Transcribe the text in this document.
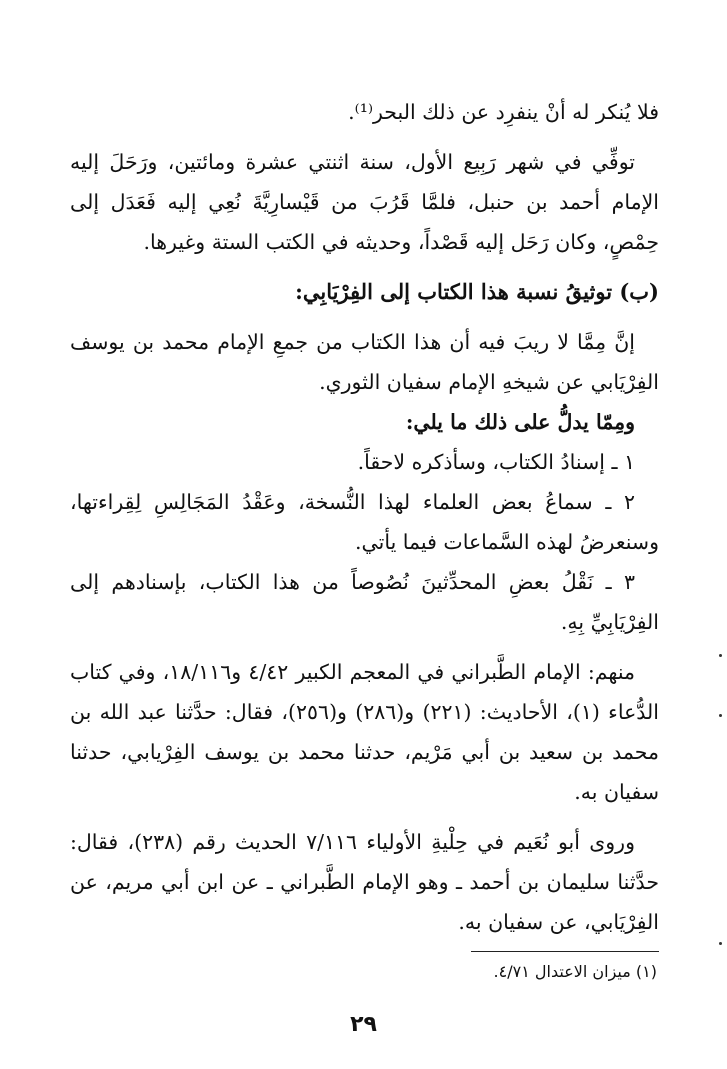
فلا يُنكر له أنْ ينفرِد عن ذلك البحر⁽¹⁾.

توفِّي في شهر رَبِيع الأول، سنة اثنتي عشرة ومائتين، ورَحَلَ إليه الإمام أحمد بن حنبل، فلمَّا قَرُبَ من قَيْسارِيَّةَ نُعِي إليه فَعَدَل إلى حِمْصٍ، وكان رَحَل إليه قَصْداً، وحديثه في الكتب الستة وغيرها.

(ب) توثيقُ نسبة هذا الكتاب إلى الفِرْيَابِي:

إنَّ مِمَّا لا ريبَ فيه أن هذا الكتاب من جمعِ الإمام محمد بن يوسف الفِرْيَابي عن شيخهِ الإمام سفيان الثوري.

ومِمّا يدلُّ على ذلك ما يلي:

١ ـ إسنادُ الكتاب، وسأذكره لاحقاً.

٢ ـ سماعُ بعض العلماء لهذا النُّسخة، وعَقْدُ المَجَالِسِ لِقِراءتها، وسنعرضُ لهذه السَّماعات فيما يأتي.

٣ ـ نَقْلُ بعضِ المحدِّثينَ نُصُوصاً من هذا الكتاب، بإسنادهم إلى الفِرْيَابِيِّ بِهِ.

منهم: الإمام الطَّبراني في المعجم الكبير ٤/٤٢ و١٨/١١٦، وفي كتاب الدُّعاء (١)، الأحاديث: (٢٢١) و(٢٨٦) و(٢٥٦)، فقال: حدَّثنا عبد الله بن محمد بن سعيد بن أبي مَرْيم، حدثنا محمد بن يوسف الفِرْيابي، حدثنا سفيان به.

وروى أبو نُعَيم في حِلْيةِ الأولياء ٧/١١٦ الحديث رقم (٢٣٨)، فقال: حدَّثنا سليمان بن أحمد ـ وهو الإمام الطَّبراني ـ عن ابن أبي مريم، عن الفِرْيَابي، عن سفيان به.

(١) ميزان الاعتدال ٤/٧١.
٢٩
